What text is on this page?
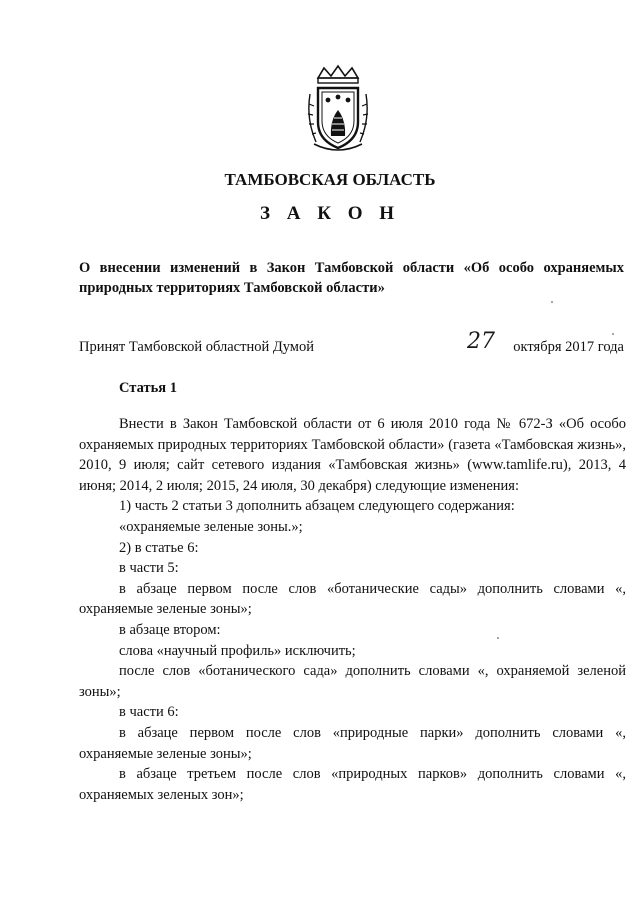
ТАМБОВСКАЯ ОБЛАСТЬ
З А К О Н
О внесении изменений в Закон Тамбовской области «Об особо охраняемых природных территориях Тамбовской области»
Принят Тамбовской областной Думой	27 октября 2017 года
Статья 1

Внести в Закон Тамбовской области от 6 июля 2010 года № 672-З «Об особо охраняемых природных территориях Тамбовской области» (газета «Тамбовская жизнь», 2010, 9 июля; сайт сетевого издания «Тамбовская жизнь» (www.tamlife.ru), 2013, 4 июня; 2014, 2 июля; 2015, 24 июля, 30 декабря) следующие изменения:

1) часть 2 статьи 3 дополнить абзацем следующего содержания:

«охраняемые зеленые зоны.»;

2) в статье 6:

в части 5:

в абзаце первом после слов «ботанические сады» дополнить словами «, охраняемые зеленые зоны»;

в абзаце втором:

слова «научный профиль» исключить;

после слов «ботанического сада» дополнить словами «, охраняемой зеленой зоны»;

в части 6:

в абзаце первом после слов «природные парки» дополнить словами «, охраняемые зеленые зоны»;

в абзаце третьем после слов «природных парков» дополнить словами «, охраняемых зеленых зон»;
